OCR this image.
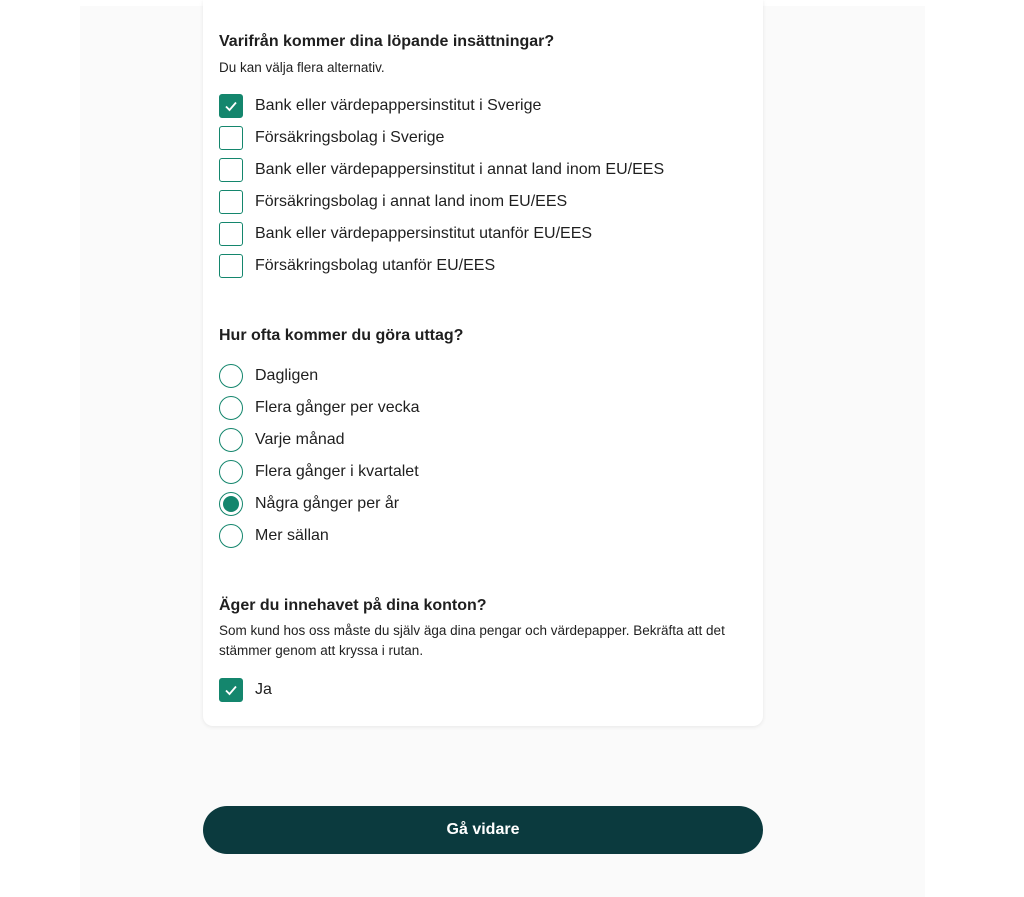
Varifrån kommer dina löpande insättningar?
Du kan välja flera alternativ.
Bank eller värdepappersinstitut i Sverige
Försäkringsbolag i Sverige
Bank eller värdepappersinstitut i annat land inom EU/EES
Försäkringsbolag i annat land inom EU/EES
Bank eller värdepappersinstitut utanför EU/EES
Försäkringsbolag utanför EU/EES
Hur ofta kommer du göra uttag?
Dagligen
Flera gånger per vecka
Varje månad
Flera gånger i kvartalet
Några gånger per år
Mer sällan
Äger du innehavet på dina konton?
Som kund hos oss måste du själv äga dina pengar och värdepapper. Bekräfta att det stämmer genom att kryssa i rutan.
Ja
Gå vidare
